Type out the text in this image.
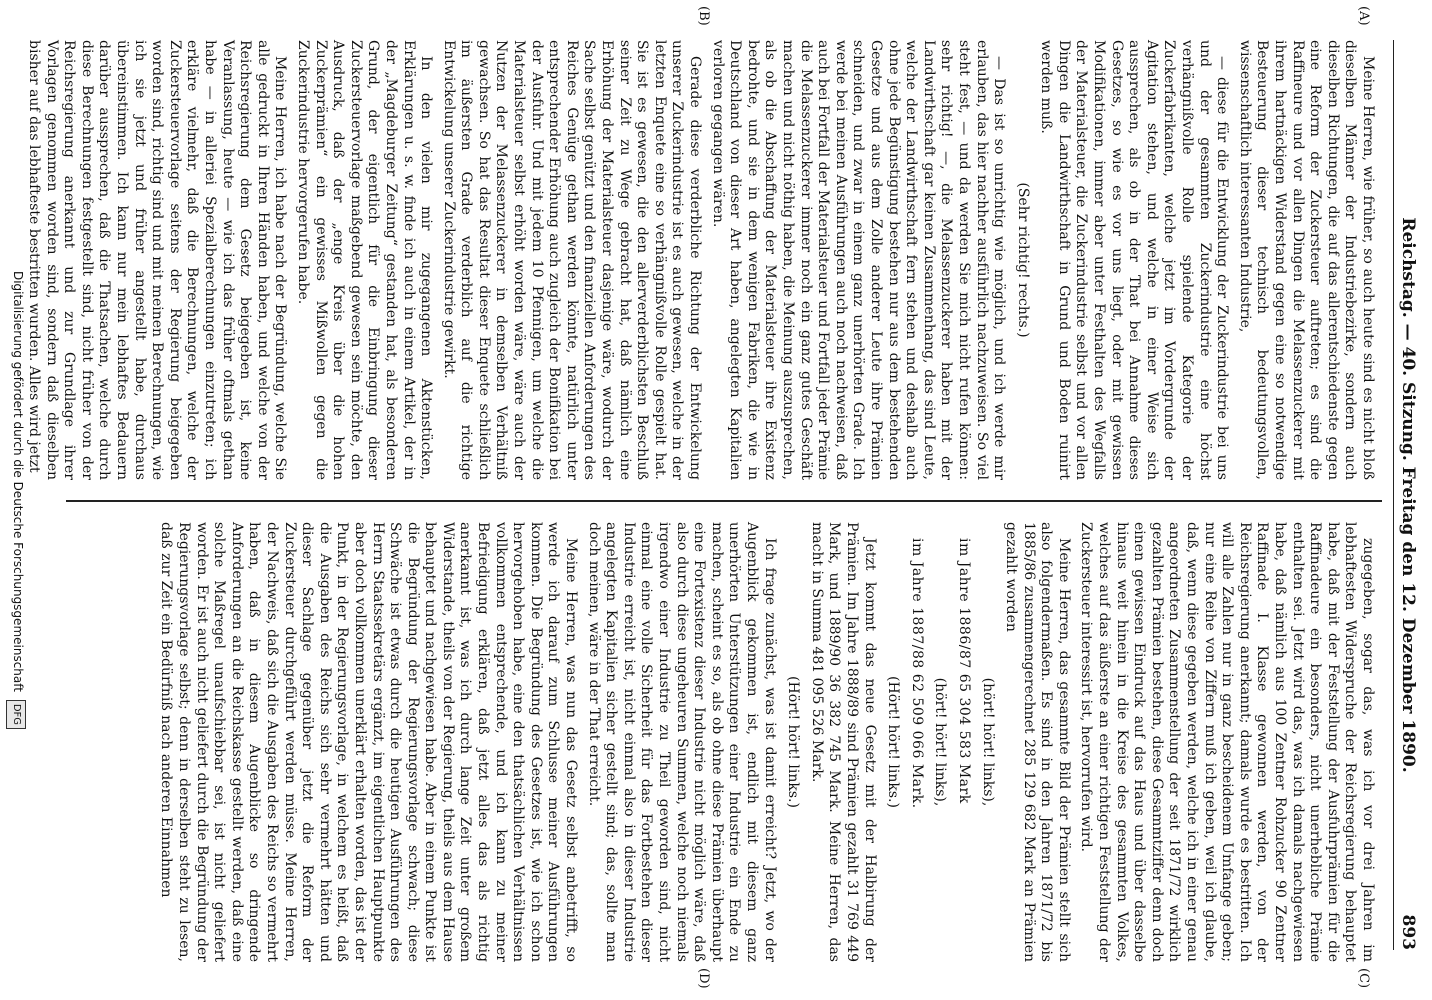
Reichstag. — 40. Sitzung. Freitag den 12. Dezember 1890.
893
(A)
(B)
(C)
(D)

Meine Herren, wie früher, so auch heute sind es nicht bloß dieselben Männer der Industriebezirke, sondern auch dieselben Richtungen, die auf das allerentschiedenste gegen eine Reform der Zuckersteuer auftreten; es sind die Raffineure und vor allen Dingen die Melassenzuckerer mit ihrem hartnäckigen Widerstand gegen eine so notwendige Besteuerung dieser technisch bedeutungsvollen, wissenschaftlich interessanten Industrie,

— diese für die Entwicklung der Zuckerindustrie bei uns und der gesammten Zuckerindustrie eine höchst verhängnißvolle Rolle spielende Kategorie der Zuckerfabrikanten, welche jetzt im Vordergrunde der Agitation stehen, und welche in einer Weise sich aussprechen, als ob in der That bei Annahme dieses Gesetzes, so wie es vor uns liegt, oder mit gewissen Modifikationen, immer aber unter Festhalten des Wegfalls der Materialsteuer, die Zuckerindustrie selbst und vor allen Dingen die Landwirthschaft in Grund und Boden ruinirt werden muß.

(Sehr richtig! rechts.)

— Das ist so unrichtig wie möglich, und ich werde mir erlauben, das hier nachher ausführlich nachzuweisen. So viel steht fest, — und da werden Sie mich nicht rufen können: sehr richtig! —, die Melassenzuckerer haben mit der Landwirthschaft gar keinen Zusammenhang, das sind Leute, welche der Landwirthschaft fern stehen und deshalb auch ohne jede Begünstigung bestehen nur aus dem bestehenden Gesetze und aus dem Zolle anderer Leute ihre Prämien schneiden, und zwar in einem ganz unerhörten Grade. Ich werde bei meinen Ausführungen auch noch nachweisen, daß auch bei Fortfall der Materialsteuer und Fortfall jeder Prämie die Melassenzuckerer immer noch ein ganz gutes Geschäft machen und nicht nöthig haben, die Meinung auszusprechen, als ob die Abschaffung der Materialsteuer ihre Existenz bedrohte, und sie in dem wenigen Fabriken, die wie in Deutschland von dieser Art haben, angelegten Kapitalien verloren gegangen wären.

Gerade diese verderbliche Richtung der Entwickelung unserer Zuckerindustrie ist es auch gewesen, welche in der letzten Enquete eine so verhängnißvolle Rolle gespielt hat. Sie ist es gewesen, die den allerverderblichsten Beschluß seiner Zeit zu Wege gebracht hat, daß nämlich eine Erhöhung der Materialsteuer dasjenige wäre, wodurch der Sache selbst genützt und den finanziellen Anforderungen des Reiches Genüge gethan werden könnte, natürlich unter entsprechender Erhöhung auch zugleich der Bonifikation bei der Ausfuhr. Und mit jedem 10 Pfennigen, um welche die Materialsteuer selbst erhöht worden wäre, wäre auch der Nutzen der Melassenzuckerer in demselben Verhältniß gewachsen. So hat das Resultat dieser Enquete schließlich im äußersten Grade verderblich auf die richtige Entwickelung unserer Zuckerindustrie gewirkt.

In den vielen mir zugegangenen Aktenstücken, Erklärungen u. s. w. finde ich auch in einem Artikel, der in der „Magdeburger Zeitung“ gestanden hat, als besonderen Grund, der eigentlich für die Einbringung dieser Zuckersteuervorlage maßgebend gewesen sein möchte, den Ausdruck, daß der „enge Kreis über die hohen Zuckerprämien“ ein gewisses Mißwollen gegen die Zuckerindustrie hervorgerufen habe.

Meine Herren, ich habe nach der Begründung, welche Sie alle gedruckt in Ihren Händen haben, und welche von der Reichsregierung dem Gesetz beigegeben ist, keine Veranlassung, heute — wie ich das früher oftmals gethan habe — in alleriei Spezialberechnungen einzutreten; ich erkläre vielmehr, daß die Berechnungen, welche der Zuckersteuervorlage seitens der Regierung beigegeben worden sind, richtig sind und mit meinen Berechnungen, wie ich sie jetzt und früher angestellt habe, durchaus übereinstimmen. Ich kann nur mein lebhaftes Bedauern darüber aussprechen, daß die Thatsachen, welche durch diese Berechnungen festgestellt sind, nicht früher von der Reichsregierung anerkannt und zur Grundlage ihrer Vorlagen genommen worden sind, sondern daß dieselben bisher auf das lebhafteste bestritten wurden. Alles wird jetzt

zugegeben, sogar das, was ich vor drei Jahren im lebhaftesten Widerspruche der Reichsregierung behauptet habe, daß mit der Feststellung der Ausfuhrprämien für die Raffinadeure ein besonders, nicht unerhebliche Prämie enthalten sei. Jetzt wird das, was ich damals nachgewiesen habe, daß nämlich aus 100 Zentner Rohzucker 90 Zentner Raffinade I. Klasse gewonnen werden, von der Reichsregierung anerkannt; damals wurde es bestritten. Ich will alle Zahlen nur in ganz bescheidenem Umfange geben; nur eine Reihe von Ziffern muß ich geben, weil ich glaube, daß, wenn diese gegeben werden, welche ich in einer genau angeordneten Zusammenstellung der seit 1871/72 wirklich gezahlten Prämien bestehen, diese Gesammtziffer denn doch einen gewissen Eindruck auf das Haus und über dasselbe hinaus weit hinein in die Kreise des gesammten Volkes, welches auf das äußerste an einer richtigen Feststellung der Zuckersteuer interessirt ist, hervorrufen wird.

Meine Herren, das gesammte Bild der Prämien stellt sich also folgendermaßen. Es sind in den Jahren 1871/72 bis 1885/86 zusammengerechnet 285 129 682 Mark an Prämien gezahlt worden

(hört! hört! links),

im Jahre 1886/87 65 304 583 Mark

(hört! hört! links),

im Jahre 1887/88 62 509 066 Mark.

(Hört! hört! links.)

Jetzt kommt das neue Gesetz mit der Halbirung der Prämien. Im Jahre 1888/89 sind Prämien gezahlt 31 769 449 Mark, und 1889/90 36 382 745 Mark. Meine Herren, das macht in Summa 481 095 526 Mark.

(Hört! hört! links.)

Ich frage zunächst, was ist damit erreicht? Jetzt, wo der Augenblick gekommen ist, endlich mit diesem ganz unerhörten Unterstützungen einer Industrie ein Ende zu machen, scheint es so, als ob ohne diese Prämien überhaupt eine Fortexistenz dieser Industrie nicht möglich wäre, daß also durch diese ungeheuren Summen, welche noch niemals irgendwo einer Industrie zu Theil geworden sind, nicht einmal eine volle Sicherheit für das Fortbestehen dieser Industrie erreicht ist, nicht einmal also in dieser Industrie angelegten Kapitalien sicher gestellt sind; das, sollte man doch meinen, wäre in der That erreicht.

Meine Herren, was nun das Gesetz selbst anbetrifft, so werde ich darauf zum Schlusse meiner Ausführungen kommen. Die Begründung des Gesetzes ist, wie ich schon hervorgehoben habe, eine den thatsächlichen Verhältnissen vollkommen entsprechende, und ich kann zu meiner Befriedigung erklären, daß jetzt alles das als richtig anerkannt ist, was ich durch lange Zeit unter großem Widerstande, theils von der Regierung, theils aus dem Hause behauptet und nachgewiesen habe. Aber in einem Punkte ist die Begründung der Regierungsvorlage schwach; diese Schwäche ist etwas durch die heutigen Ausführungen des Herrn Staatssekretärs ergänzt, im eigentlichen Hauptpunkte aber doch vollkommen unerklärt erhalten worden, das ist der Punkt, in der Regierungsvorlage, in welchem es heißt, daß die Ausgaben des Reichs sich sehr vermehrt hätten und dieser Sachlage gegenüber jetzt die Reform der Zuckersteuer durchgeführt werden müsse. Meine Herren, der Nachweis, daß sich die Ausgaben des Reichs so vermehrt haben, daß in diesem Augenblicke so dringende Anforderungen an die Reichskasse gestellt werden, daß eine solche Maßregel unaufschiebbar sei, ist nicht geliefert worden. Er ist auch nicht geliefert durch die Begründung der Regierungsvorlage selbst; denn in derselben steht zu lesen, daß zur Zeit ein Bedürfniß nach anderen Einnahmen

Digitalisierung gefördert durch die Deutsche Forschungsgemeinschaft DFG
